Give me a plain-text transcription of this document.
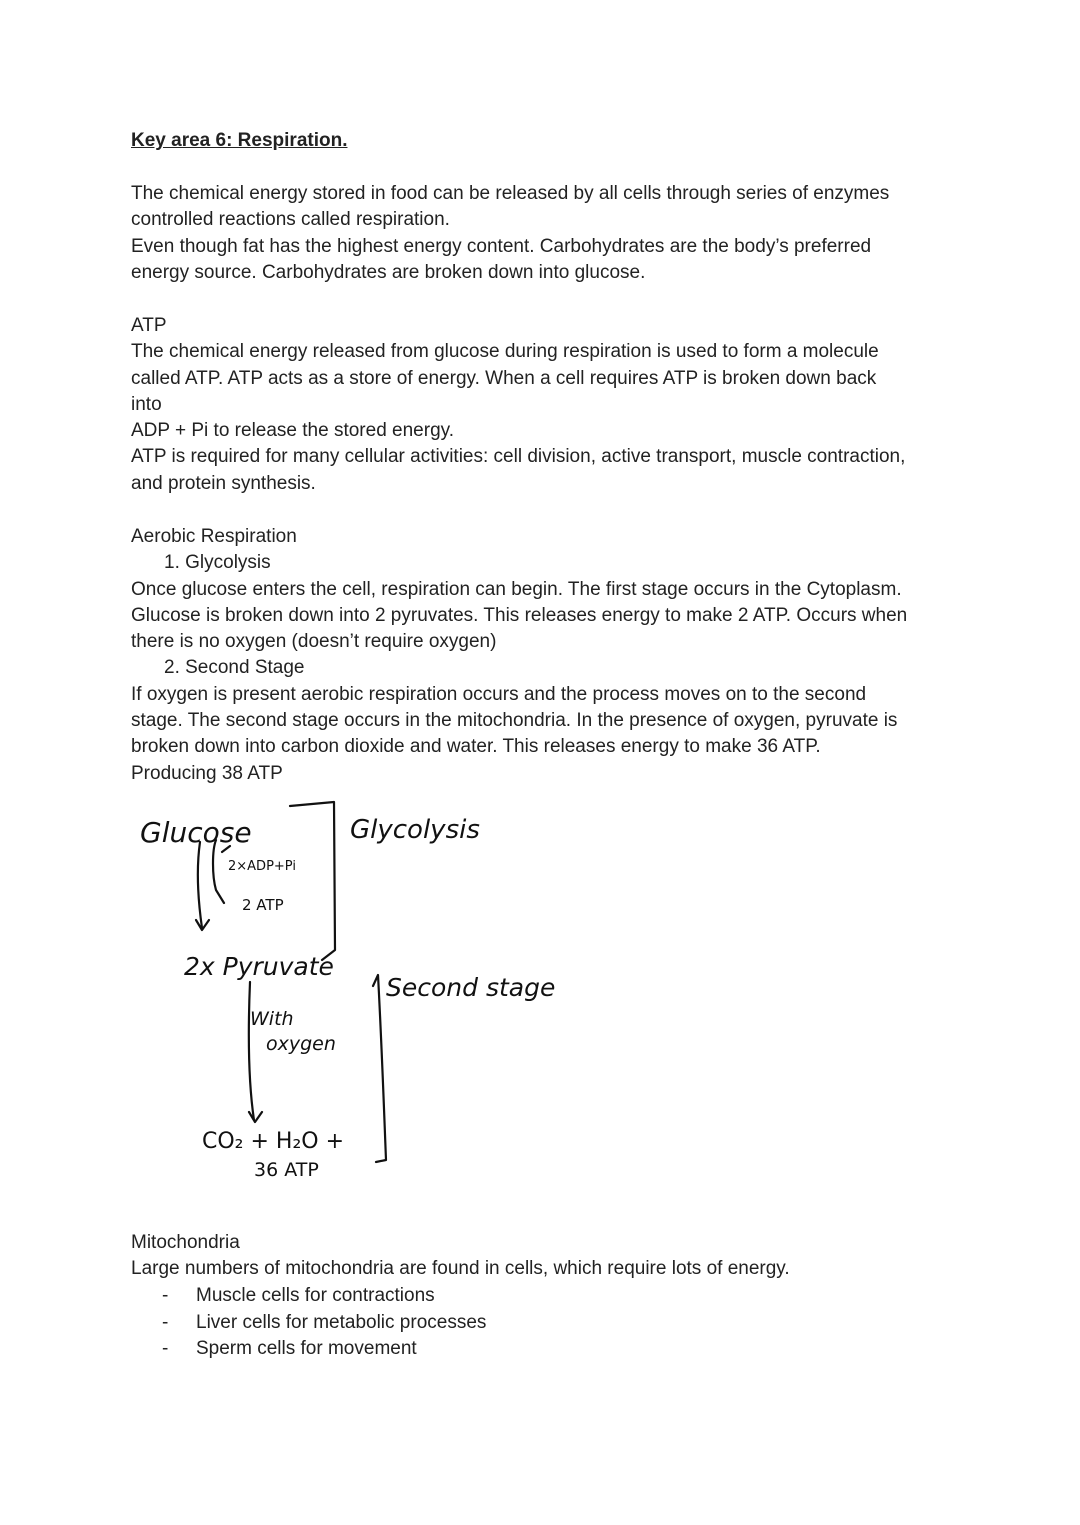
Key area 6: Respiration.

The chemical energy stored in food can be released by all cells through series of enzymes
controlled reactions called respiration.
Even though fat has the highest energy content. Carbohydrates are the body’s preferred
energy source. Carbohydrates are broken down into glucose.

ATP
The chemical energy released from glucose during respiration is used to form a molecule
called ATP. ATP acts as a store of energy. When a cell requires ATP is broken down back
into
ADP + Pi to release the stored energy.
ATP is required for many cellular activities: cell division, active transport, muscle contraction,
and protein synthesis.

Aerobic Respiration
1. Glycolysis
Once glucose enters the cell, respiration can begin. The first stage occurs in the Cytoplasm.
Glucose is broken down into 2 pyruvates. This releases energy to make 2 ATP. Occurs when
there is no oxygen (doesn’t require oxygen)
2. Second Stage
If oxygen is present aerobic respiration occurs and the process moves on to the second
stage. The second stage occurs in the mitochondria. In the presence of oxygen, pyruvate is
broken down into carbon dioxide and water. This releases energy to make 36 ATP.
Producing 38 ATP

Glucose
2×ADP+Pi
2 ATP
2x Pyruvate
With
oxygen
CO₂ + H₂O +
36 ATP
Glycolysis
Second stage

Mitochondria
Large numbers of mitochondria are found in cells, which require lots of energy.

- Muscle cells for contractions
- Liver cells for metabolic processes
- Sperm cells for movement
